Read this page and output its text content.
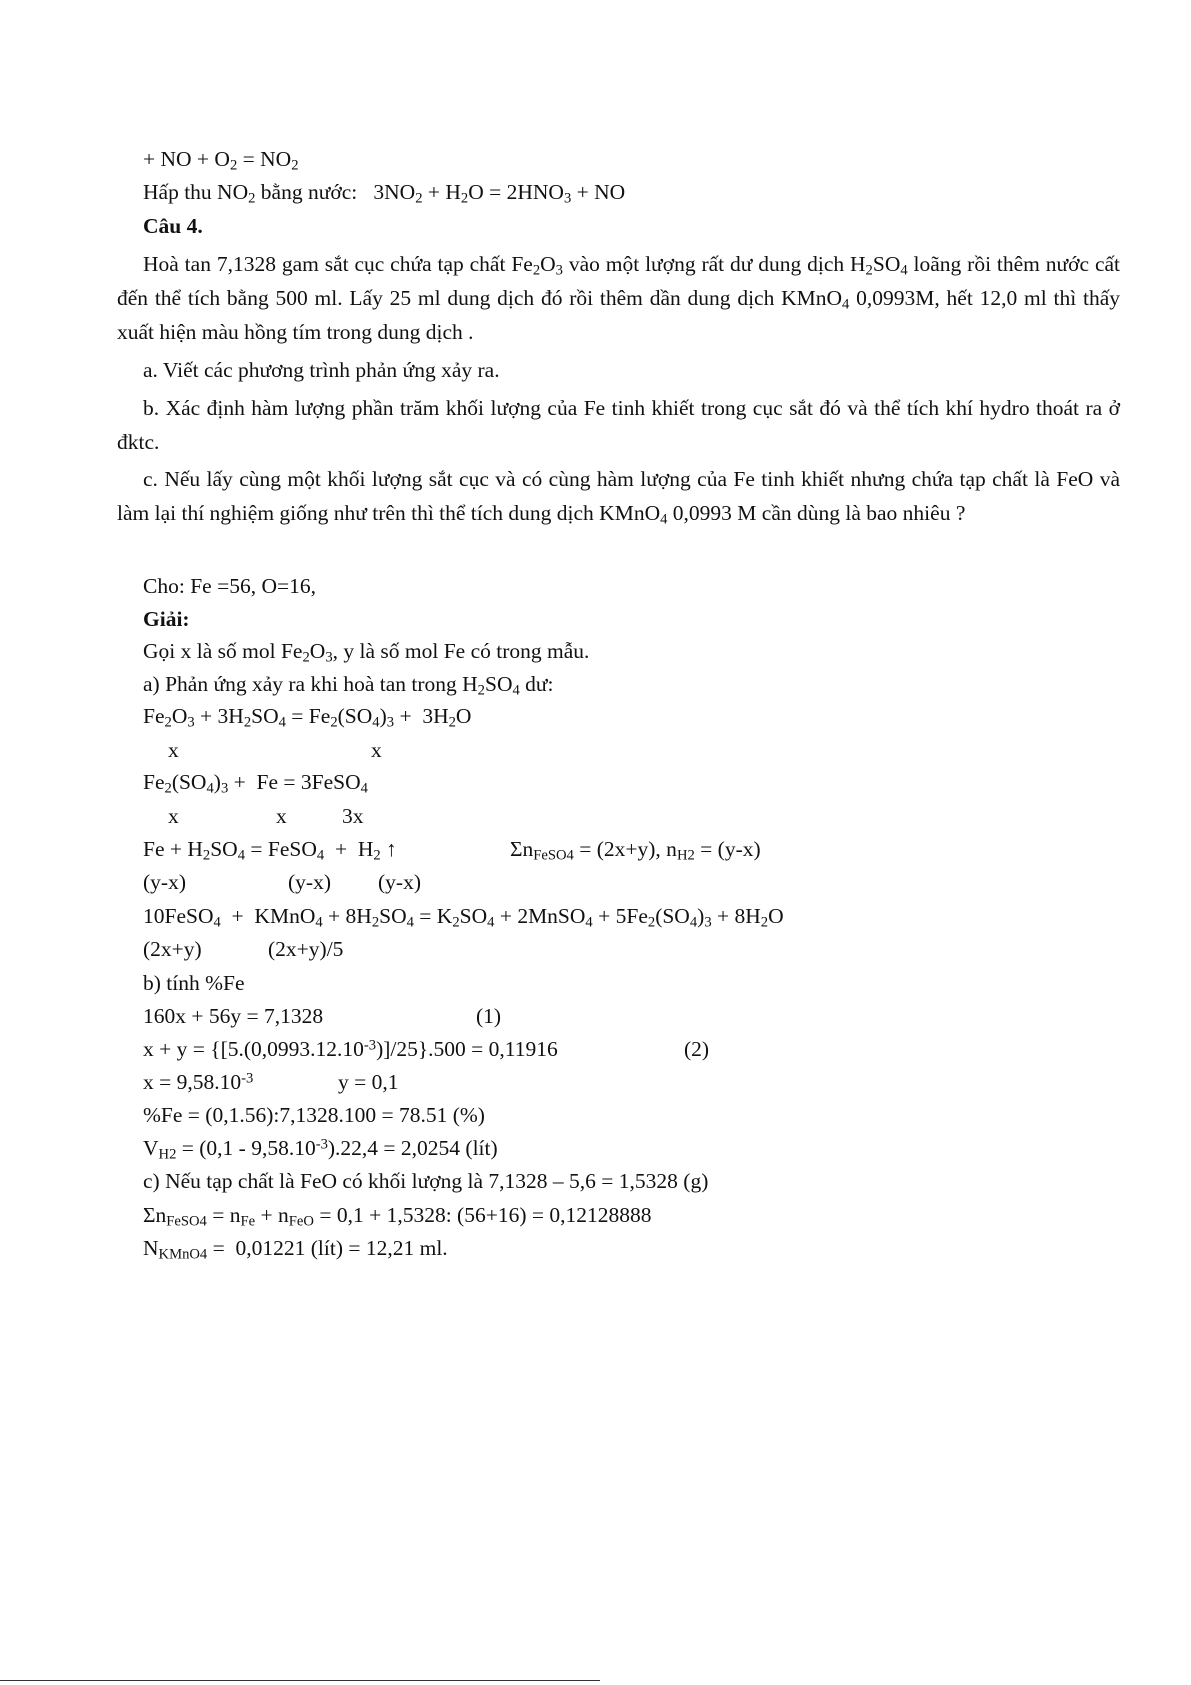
+ NO + $O_2 = NO_2$
Hấp thu $NO_2$ bằng nước:   $3NO_2 + H_2O = 2HNO_3$ + NO
Câu 4.
Hoà tan 7,1328 gam sắt cục chứa tạp chất $Fe_2O_3$ vào một lượng rất dư dung dịch $H_2SO_4$ loãng rồi thêm nước cất đến thể tích bằng 500 ml. Lấy 25 ml dung dịch đó rồi thêm dần dung dịch KMnO$_4$ 0,0993M, hết 12,0 ml thì thấy xuất hiện màu hồng tím trong dung dịch .
a. Viết các phương trình phản ứng xảy ra.
b. Xác định hàm lượng phần trăm khối lượng của Fe tinh khiết trong cục sắt đó và thể tích khí hydro thoát ra ở đktc.
c. Nếu lấy cùng một khối lượng sắt cục và có cùng hàm lượng của Fe tinh khiết nhưng chứa tạp chất là FeO và làm lại thí nghiệm giống như trên thì thể tích dung dịch KMnO$_4$ 0,0993 M cần dùng là bao nhiêu ?
Cho: Fe =56, O=16,
Giải:
Gọi x là số mol $Fe_2O_3$, y là số mol Fe có trong mẫu.
a) Phản ứng xảy ra khi hoà tan trong $H_2SO_4$ dư:
$Fe_2O_3 + 3H_2SO_4 = Fe_2(SO_4)_3 + 3H_2O$
x	x
$Fe_2(SO_4)_3 + Fe$ = 3FeSO$_4$
x	x	3x
$Fe + H_2SO_4$ = FeSO$_4$  +  $H_2$ ↑	$\Sigma n_{FeSO4} = (2x+y)$, $n_{H2} = (y-x)$
(y-x)	(y-x) (y-x)
10FeSO$_4$  +  KMnO$_4$ + $8H_2SO_4 = K_2SO_4$ + 2MnSO$_4$ + $5Fe_2(SO_4)_3 + 8H_2O$
(2x+y)	(2x+y)/5
b) tính %Fe
160x + 56y = 7,1328	(1)
$x + y = \{[5.(0,0993.12.10^{-3})]/25\}.500 = 0,11916$	(2)
$x = 9,58.10^{-3}$	y = 0,1
%Fe = (0,1.56):7,1328.100 = 78.51 (%)
$V_{H2} = (0,1 - 9,58.10^{-3}).22,4 = 2,0254$ (lít)
c) Nếu tạp chất là FeO có khối lượng là 7,1328 – 5,6 = 1,5328 (g)
$\Sigma n_{FeSO4} = n_{Fe} + n_{FeO} = 0,1 + 1,5328$: (56+16) = 0,12128888
$N_{KMnO4} = 0,01221$ (lít) = 12,21 ml.
